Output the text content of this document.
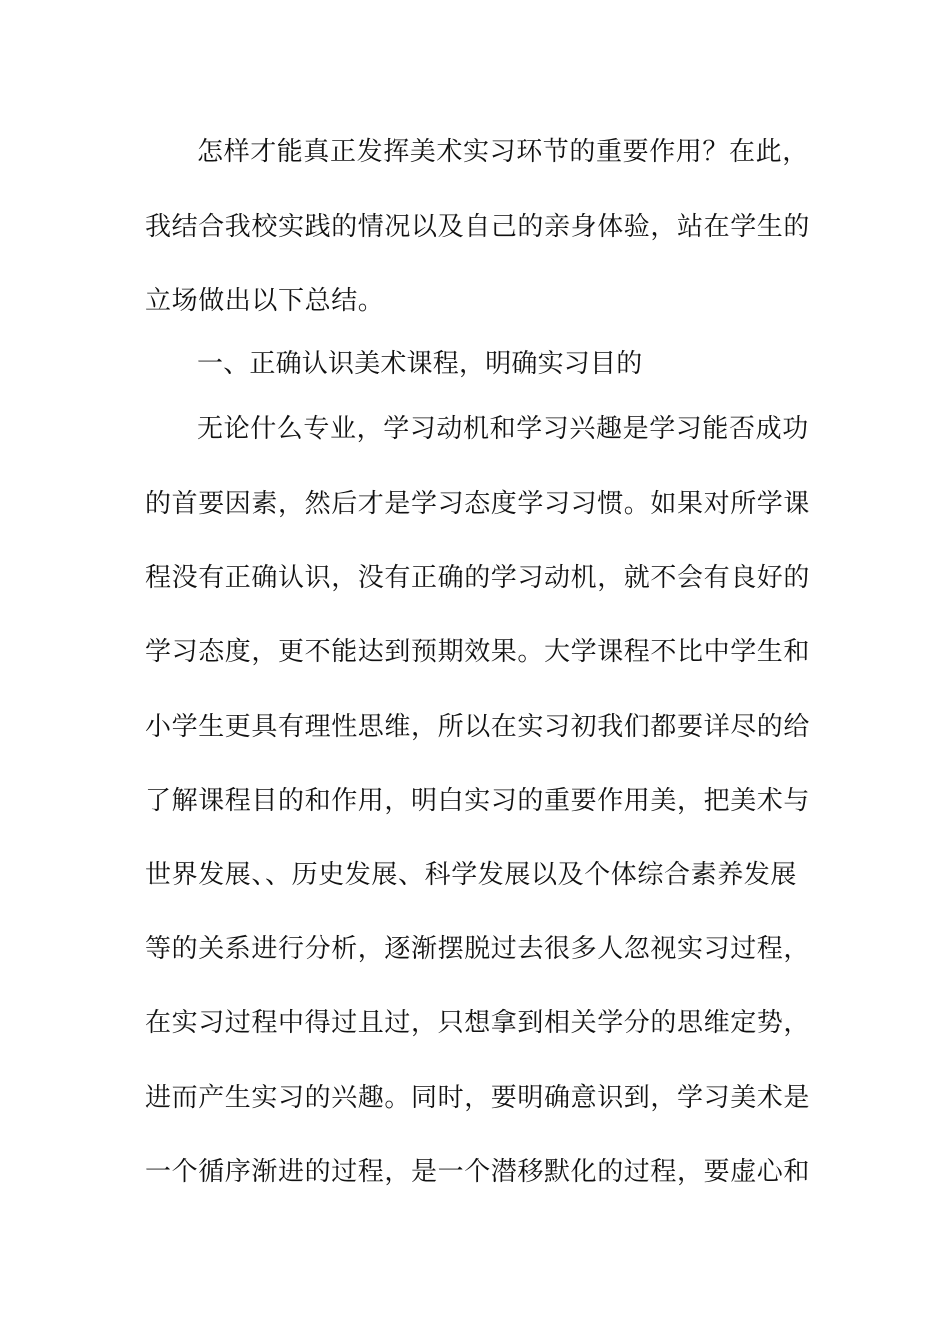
怎样才能真正发挥美术实习环节的重要作用？在此，
我结合我校实践的情况以及自己的亲身体验，站在学生的
立场做出以下总结。
一、正确认识美术课程，明确实习目的
无论什么专业，学习动机和学习兴趣是学习能否成功
的首要因素，然后才是学习态度学习习惯。如果对所学课
程没有正确认识，没有正确的学习动机，就不会有良好的
学习态度，更不能达到预期效果。大学课程不比中学生和
小学生更具有理性思维，所以在实习初我们都要详尽的给
了解课程目的和作用，明白实习的重要作用美，把美术与
世界发展、、历史发展、科学发展以及个体综合素养发展
等的关系进行分析，逐渐摆脱过去很多人忽视实习过程，
在实习过程中得过且过，只想拿到相关学分的思维定势，
进而产生实习的兴趣。同时，要明确意识到，学习美术是
一个循序渐进的过程，是一个潜移默化的过程，要虚心和
